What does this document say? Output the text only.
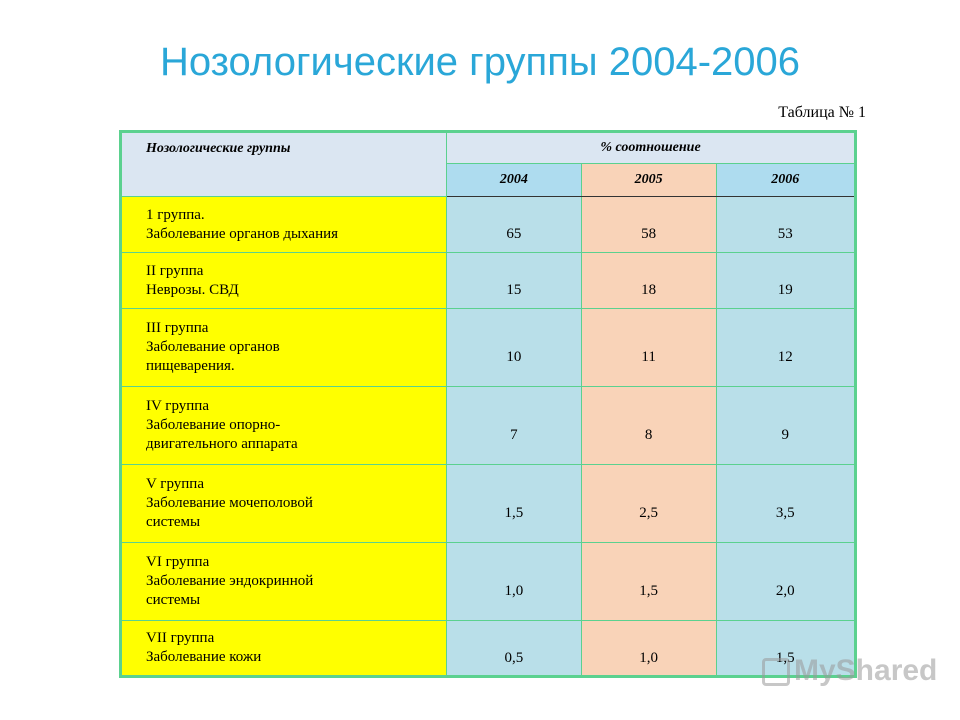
Нозологические группы 2004-2006
Таблица № 1
Нозологические группы	% соотношение		
	2004	2005	2006

1 группа.
Заболевание органов дыхания	65	58	53

II группа
Неврозы. СВД	15	18	19

III группа
Заболевание органов
пищеварения.	10	11	12

IV группа
Заболевание опорно-
двигательного аппарата	7	8	9

V группа
Заболевание мочеполовой
системы	1,5	2,5	3,5

VI группа
Заболевание эндокринной
системы	1,0	1,5	2,0

VII группа
Заболевание кожи	0,5	1,0	1,5 MyShared
